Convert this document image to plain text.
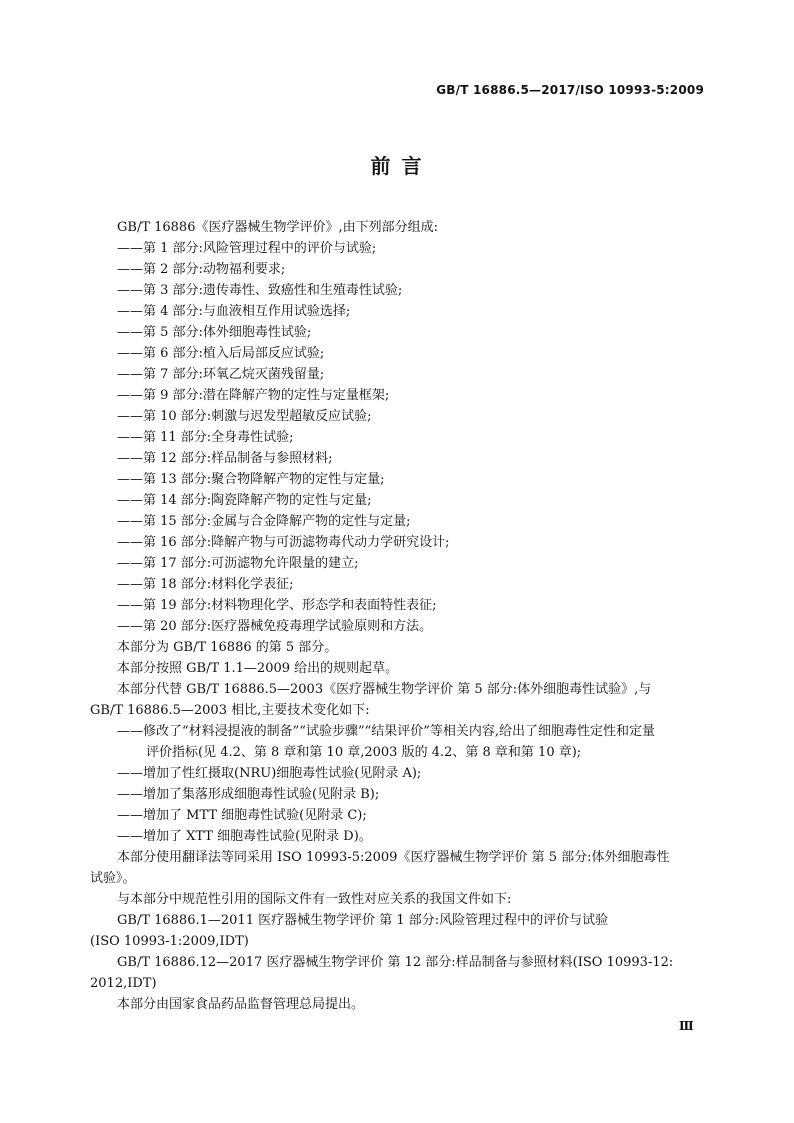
GB/T 16886.5—2017/ISO 10993-5:2009
前 言
GB/T 16886《医疗器械生物学评价》,由下列部分组成:
——第 1 部分:风险管理过程中的评价与试验;
——第 2 部分:动物福利要求;
——第 3 部分:遗传毒性、致癌性和生殖毒性试验;
——第 4 部分:与血液相互作用试验选择;
——第 5 部分:体外细胞毒性试验;
——第 6 部分:植入后局部反应试验;
——第 7 部分:环氧乙烷灭菌残留量;
——第 9 部分:潜在降解产物的定性与定量框架;
——第 10 部分:刺激与迟发型超敏反应试验;
——第 11 部分:全身毒性试验;
——第 12 部分:样品制备与参照材料;
——第 13 部分:聚合物降解产物的定性与定量;
——第 14 部分:陶瓷降解产物的定性与定量;
——第 15 部分:金属与合金降解产物的定性与定量;
——第 16 部分:降解产物与可沥滤物毒代动力学研究设计;
——第 17 部分:可沥滤物允许限量的建立;
——第 18 部分:材料化学表征;
——第 19 部分:材料物理化学、形态学和表面特性表征;
——第 20 部分:医疗器械免疫毒理学试验原则和方法。
本部分为 GB/T 16886 的第 5 部分。
本部分按照 GB/T 1.1—2009 给出的规则起草。
本部分代替 GB/T 16886.5—2003《医疗器械生物学评价 第 5 部分:体外细胞毒性试验》,与
GB/T 16886.5—2003 相比,主要技术变化如下:
——修改了“材料浸提液的制备”“试验步骤”“结果评价”等相关内容,给出了细胞毒性定性和定量
评价指标(见 4.2、第 8 章和第 10 章,2003 版的 4.2、第 8 章和第 10 章);
——增加了性红摄取(NRU)细胞毒性试验(见附录 A);
——增加了集落形成细胞毒性试验(见附录 B);
——增加了 MTT 细胞毒性试验(见附录 C);
——增加了 XTT 细胞毒性试验(见附录 D)。
本部分使用翻译法等同采用 ISO 10993-5:2009《医疗器械生物学评价 第 5 部分:体外细胞毒性
试验》。
与本部分中规范性引用的国际文件有一致性对应关系的我国文件如下:
GB/T 16886.1—2011 医疗器械生物学评价 第 1 部分:风险管理过程中的评价与试验
(ISO 10993-1:2009,IDT)
GB/T 16886.12—2017 医疗器械生物学评价 第 12 部分:样品制备与参照材料(ISO 10993-12:
2012,IDT)
本部分由国家食品药品监督管理总局提出。
Ⅲ
